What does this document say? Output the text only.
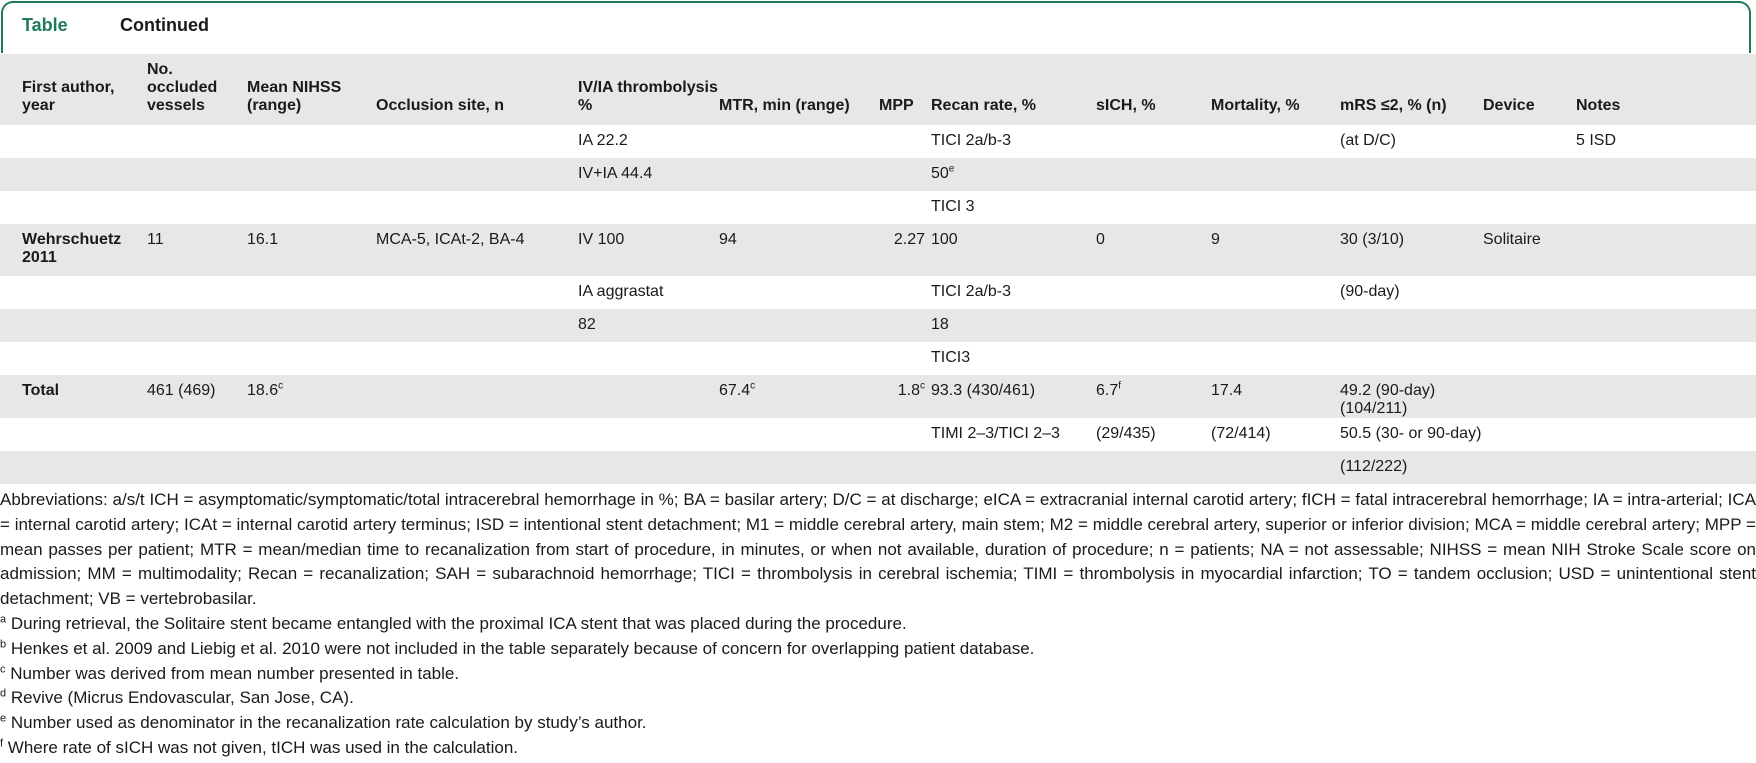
Table	Continued
First author, year	No. occluded vessels	Mean NIHSS (range)	Occlusion site, n	IV/IA thrombolysis %	MTR, min (range)	MPP	Recan rate, %	sICH, %	Mortality, %	mRS ≤2, % (n)	Device	Notes
				IA 22.2			TICI 2a/b-3			(at D/C)		5 ISD
				IV+IA 44.4			50e					
							TICI 3					
Wehrschuetz 2011	11	16.1	MCA-5, ICAt-2, BA-4	IV 100	94	2.27	100	0	9	30 (3/10)	Solitaire	
				IA aggrastat			TICI 2a/b-3			(90-day)		
				82			18					
							TICI3					
Total	461 (469)	18.6$^c$			67.4$^c$	1.8$^c$	93.3 (430/461)	6.7$^f$	17.4	49.2 (90-day) (104/211)		
							TIMI 2–3/TICI 2–3	(29/435)	(72/414)	50.5 (30- or 90-day)		
										(112/222)		

Abbreviations: a/s/t ICH = asymptomatic/symptomatic/total intracerebral hemorrhage in %; BA = basilar artery; D/C = at discharge; eICA = extracranial internal carotid artery; fICH = fatal intracerebral hemorrhage; IA = intra-arterial; ICA = internal carotid artery; ICAt = internal carotid artery terminus; ISD = intentional stent detachment; M1 = middle cerebral artery, main stem; M2 = middle cerebral artery, superior or inferior division; MCA = middle cerebral artery; MPP = mean passes per patient; MTR = mean/median time to recanalization from start of procedure, in minutes, or when not available, duration of procedure; n = patients; NA = not assessable; NIHSS = mean NIH Stroke Scale score on admission; MM = multimodality; Recan = recanalization; SAH = subarachnoid hemorrhage; TICI = thrombolysis in cerebral ischemia; TIMI = thrombolysis in myocardial infarction; TO = tandem occlusion; USD = unintentional stent detachment; VB = vertebrobasilar.

$^a$ During retrieval, the Solitaire stent became entangled with the proximal ICA stent that was placed during the procedure.

$^b$ Henkes et al. 2009 and Liebig et al. 2010 were not included in the table separately because of concern for overlapping patient database.

$^c$ Number was derived from mean number presented in table.

$^d$ Revive (Micrus Endovascular, San Jose, CA).

$^e$ Number used as denominator in the recanalization rate calculation by study’s author.

$^f$ Where rate of sICH was not given, tICH was used in the calculation.
